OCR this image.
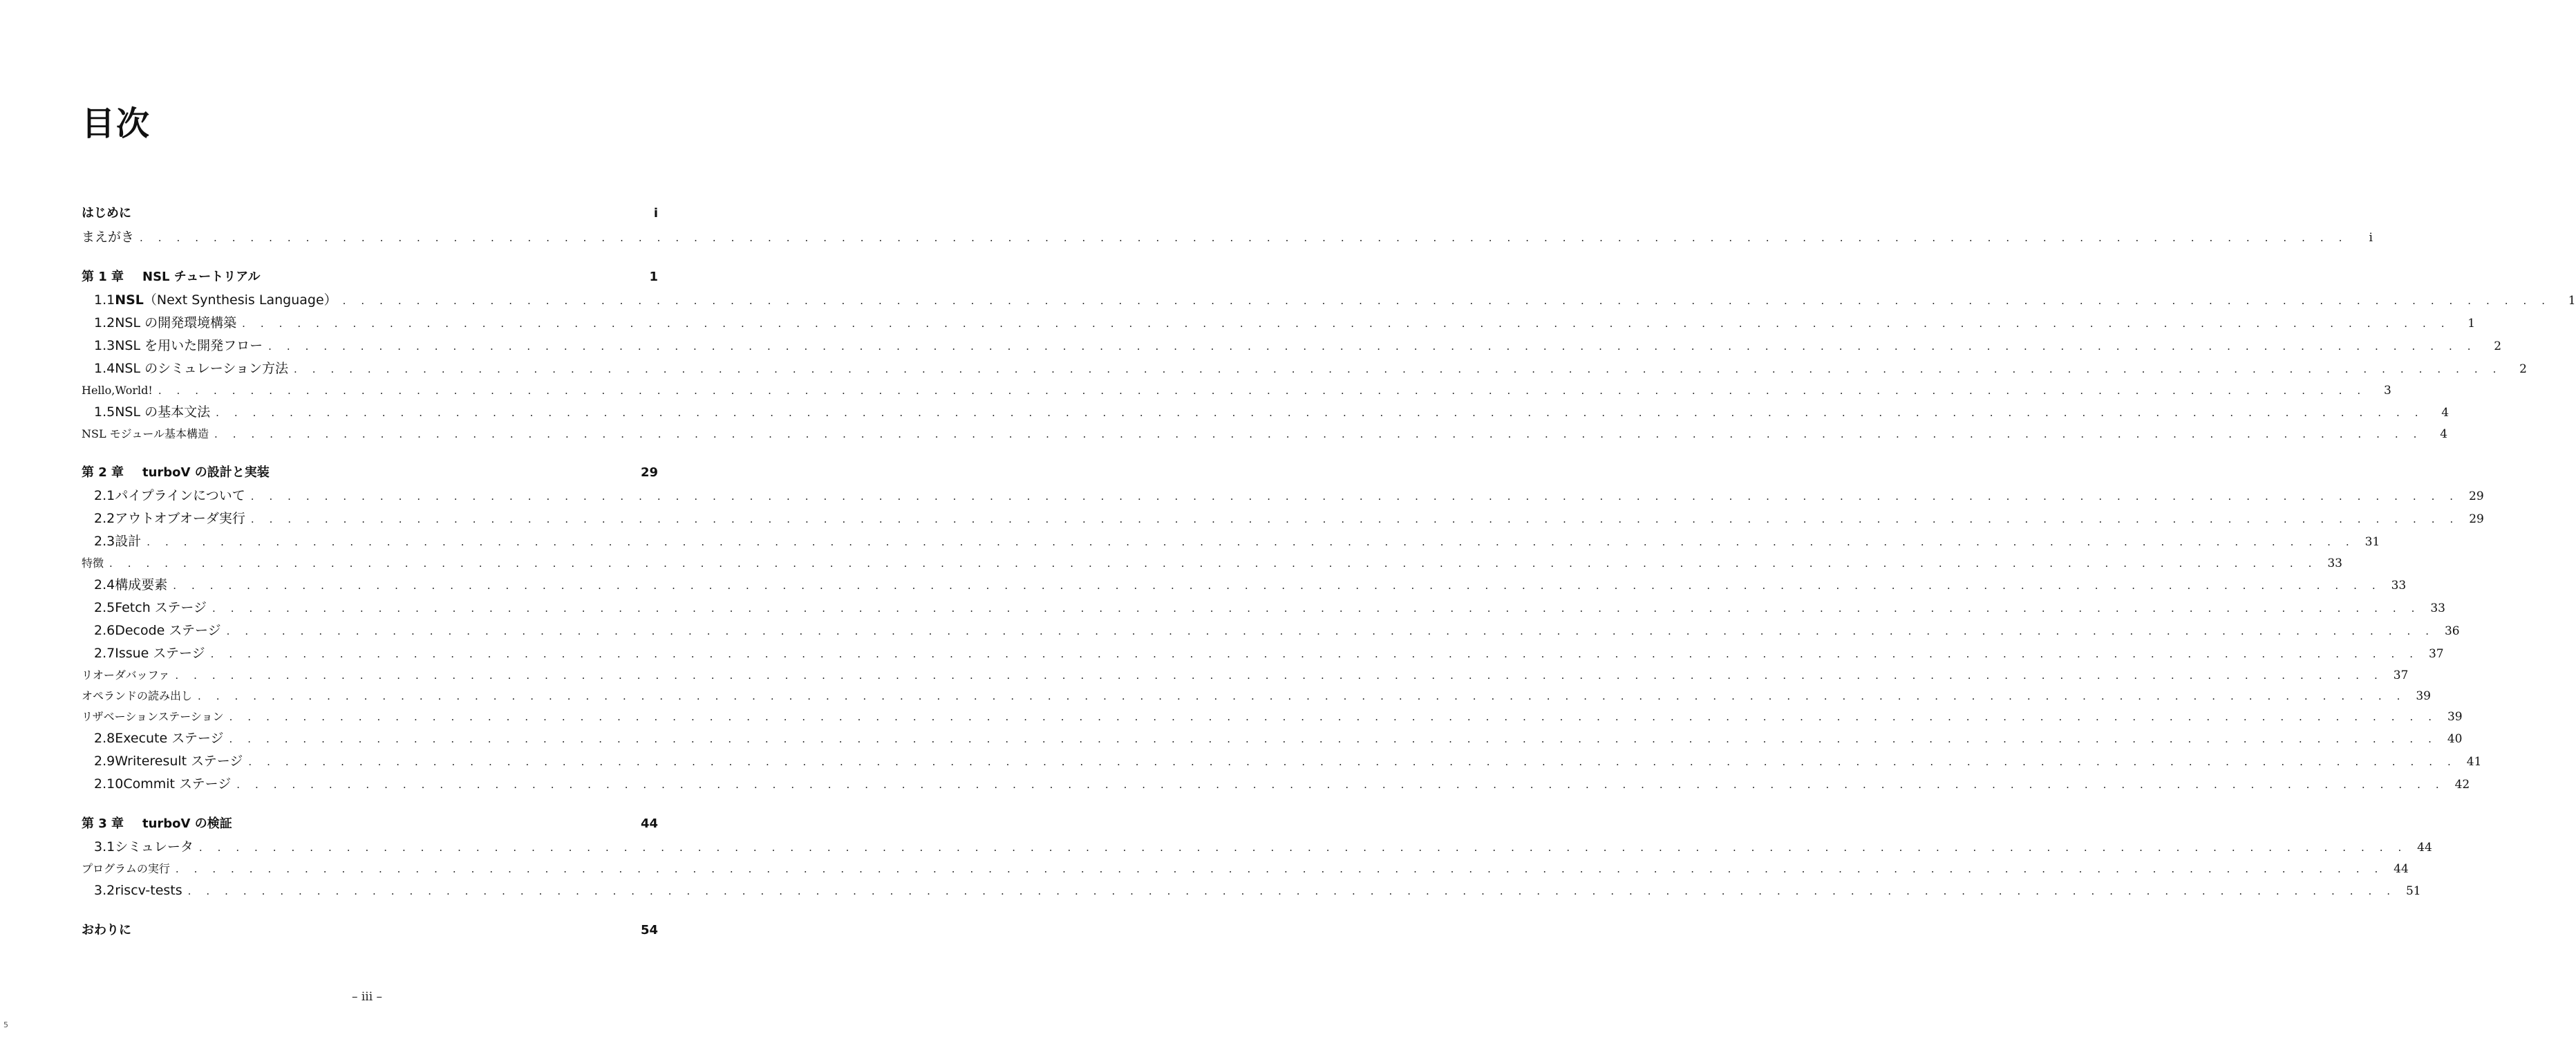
目次
はじめに	i
まえがき . . . . . . . . . . . . . . . . . . . . . . . . . . . . . . . . . . . . . . . . . . . . . . . . . . . . . . . . . . . . . . . . . . . . . . . . . . . . . . . . . . . . . . . . . . . . . . . . . . . . . . . . . . . . . . . . . . . . . . . .	i
第 1 章	NSL チュートリアル	1
1.1 NSL（Next Synthesis Language） . . . . . . . . . . . . . . . . . . . . . . . . . . . . . . . . . . . . . . . . . . . . . . . . . . . . . . . . . . . . . . . . . . . . . . . . . . . . . . . . . . . . . . . . . . . . . . . . . . . . . . . . . . . . . . . . . . . . . . . .	1
1.2 NSL の開発環境構築 . . . . . . . . . . . . . . . . . . . . . . . . . . . . . . . . . . . . . . . . . . . . . . . . . . . . . . . . . . . . . . . . . . . . . . . . . . . . . . . . . . . . . . . . . . . . . . . . . . . . . . . . . . . . . . . . . . . . . . . .	1
1.3 NSL を用いた開発フロー . . . . . . . . . . . . . . . . . . . . . . . . . . . . . . . . . . . . . . . . . . . . . . . . . . . . . . . . . . . . . . . . . . . . . . . . . . . . . . . . . . . . . . . . . . . . . . . . . . . . . . . . . . . . . . . . . . . . . . . .	2
1.4 NSL のシミュレーション方法 . . . . . . . . . . . . . . . . . . . . . . . . . . . . . . . . . . . . . . . . . . . . . . . . . . . . . . . . . . . . . . . . . . . . . . . . . . . . . . . . . . . . . . . . . . . . . . . . . . . . . . . . . . . . . . . . . . . . . . . .	2
Hello,World! . . . . . . . . . . . . . . . . . . . . . . . . . . . . . . . . . . . . . . . . . . . . . . . . . . . . . . . . . . . . . . . . . . . . . . . . . . . . . . . . . . . . . . . . . . . . . . . . . . . . . . . . . . . . . . . . . . . . . . . .	3
1.5 NSL の基本文法 . . . . . . . . . . . . . . . . . . . . . . . . . . . . . . . . . . . . . . . . . . . . . . . . . . . . . . . . . . . . . . . . . . . . . . . . . . . . . . . . . . . . . . . . . . . . . . . . . . . . . . . . . . . . . . . . . . . . . . . .	4
NSL モジュール基本構造 . . . . . . . . . . . . . . . . . . . . . . . . . . . . . . . . . . . . . . . . . . . . . . . . . . . . . . . . . . . . . . . . . . . . . . . . . . . . . . . . . . . . . . . . . . . . . . . . . . . . . . . . . . . . . . . . . . . . . . . .	4
第 2 章	turboV の設計と実装	29
2.1 パイプラインについて . . . . . . . . . . . . . . . . . . . . . . . . . . . . . . . . . . . . . . . . . . . . . . . . . . . . . . . . . . . . . . . . . . . . . . . . . . . . . . . . . . . . . . . . . . . . . . . . . . . . . . . . . . . . . . . . . . . . . . . . 29
2.2 アウトオブオーダ実行 . . . . . . . . . . . . . . . . . . . . . . . . . . . . . . . . . . . . . . . . . . . . . . . . . . . . . . . . . . . . . . . . . . . . . . . . . . . . . . . . . . . . . . . . . . . . . . . . . . . . . . . . . . . . . . . . . . . . . . . . 29
2.3 設計 . . . . . . . . . . . . . . . . . . . . . . . . . . . . . . . . . . . . . . . . . . . . . . . . . . . . . . . . . . . . . . . . . . . . . . . . . . . . . . . . . . . . . . . . . . . . . . . . . . . . . . . . . . . . . . . . . . . . . . . . 31
特徴 . . . . . . . . . . . . . . . . . . . . . . . . . . . . . . . . . . . . . . . . . . . . . . . . . . . . . . . . . . . . . . . . . . . . . . . . . . . . . . . . . . . . . . . . . . . . . . . . . . . . . . . . . . . . . . . . . . . . . . . . 33
2.4 構成要素 . . . . . . . . . . . . . . . . . . . . . . . . . . . . . . . . . . . . . . . . . . . . . . . . . . . . . . . . . . . . . . . . . . . . . . . . . . . . . . . . . . . . . . . . . . . . . . . . . . . . . . . . . . . . . . . . . . . . . . . . 33
2.5 Fetch ステージ . . . . . . . . . . . . . . . . . . . . . . . . . . . . . . . . . . . . . . . . . . . . . . . . . . . . . . . . . . . . . . . . . . . . . . . . . . . . . . . . . . . . . . . . . . . . . . . . . . . . . . . . . . . . . . . . . . . . . . . . 33
2.6 Decode ステージ . . . . . . . . . . . . . . . . . . . . . . . . . . . . . . . . . . . . . . . . . . . . . . . . . . . . . . . . . . . . . . . . . . . . . . . . . . . . . . . . . . . . . . . . . . . . . . . . . . . . . . . . . . . . . . . . . . . . . . . . 36
2.7 Issue ステージ . . . . . . . . . . . . . . . . . . . . . . . . . . . . . . . . . . . . . . . . . . . . . . . . . . . . . . . . . . . . . . . . . . . . . . . . . . . . . . . . . . . . . . . . . . . . . . . . . . . . . . . . . . . . . . . . . . . . . . . . 37
リオーダバッファ . . . . . . . . . . . . . . . . . . . . . . . . . . . . . . . . . . . . . . . . . . . . . . . . . . . . . . . . . . . . . . . . . . . . . . . . . . . . . . . . . . . . . . . . . . . . . . . . . . . . . . . . . . . . . . . . . . . . . . . . 37
オペランドの読み出し . . . . . . . . . . . . . . . . . . . . . . . . . . . . . . . . . . . . . . . . . . . . . . . . . . . . . . . . . . . . . . . . . . . . . . . . . . . . . . . . . . . . . . . . . . . . . . . . . . . . . . . . . . . . . . . . . . . . . . . . 39
リザベーションステーション . . . . . . . . . . . . . . . . . . . . . . . . . . . . . . . . . . . . . . . . . . . . . . . . . . . . . . . . . . . . . . . . . . . . . . . . . . . . . . . . . . . . . . . . . . . . . . . . . . . . . . . . . . . . . . . . . . . . . . . . 39
2.8 Execute ステージ . . . . . . . . . . . . . . . . . . . . . . . . . . . . . . . . . . . . . . . . . . . . . . . . . . . . . . . . . . . . . . . . . . . . . . . . . . . . . . . . . . . . . . . . . . . . . . . . . . . . . . . . . . . . . . . . . . . . . . . . 40
2.9 Writeresult ステージ . . . . . . . . . . . . . . . . . . . . . . . . . . . . . . . . . . . . . . . . . . . . . . . . . . . . . . . . . . . . . . . . . . . . . . . . . . . . . . . . . . . . . . . . . . . . . . . . . . . . . . . . . . . . . . . . . . . . . . . . 41
2.10 Commit ステージ . . . . . . . . . . . . . . . . . . . . . . . . . . . . . . . . . . . . . . . . . . . . . . . . . . . . . . . . . . . . . . . . . . . . . . . . . . . . . . . . . . . . . . . . . . . . . . . . . . . . . . . . . . . . . . . . . . . . . . . . 42
第 3 章	turboV の検証	44
3.1 シミュレータ . . . . . . . . . . . . . . . . . . . . . . . . . . . . . . . . . . . . . . . . . . . . . . . . . . . . . . . . . . . . . . . . . . . . . . . . . . . . . . . . . . . . . . . . . . . . . . . . . . . . . . . . . . . . . . . . . . . . . . . . 44
プログラムの実行 . . . . . . . . . . . . . . . . . . . . . . . . . . . . . . . . . . . . . . . . . . . . . . . . . . . . . . . . . . . . . . . . . . . . . . . . . . . . . . . . . . . . . . . . . . . . . . . . . . . . . . . . . . . . . . . . . . . . . . . . 44
3.2 riscv-tests . . . . . . . . . . . . . . . . . . . . . . . . . . . . . . . . . . . . . . . . . . . . . . . . . . . . . . . . . . . . . . . . . . . . . . . . . . . . . . . . . . . . . . . . . . . . . . . . . . . . . . . . . . . . . . . . . . . . . . . . 51
おわりに	54
– iii –
5
